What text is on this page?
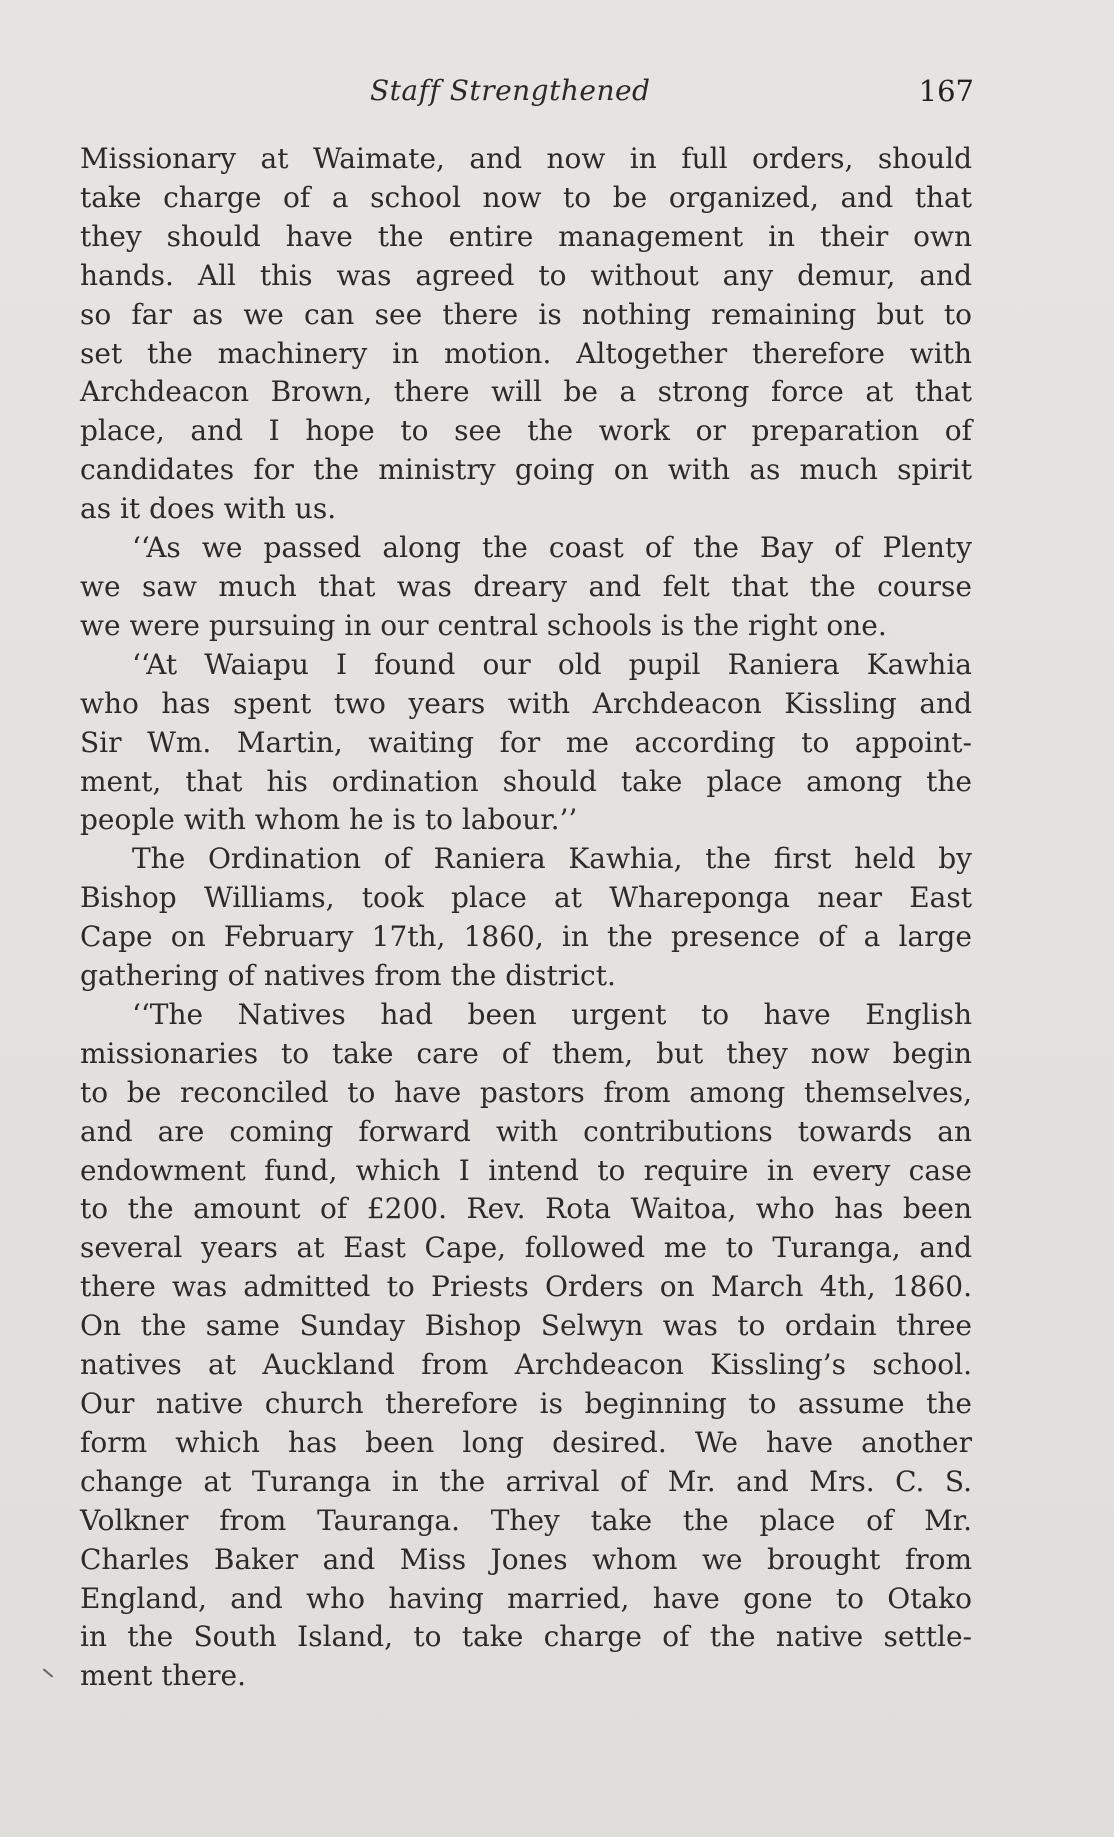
Staff Strengthened	167
Missionary at Waimate, and now in full orders, should
take charge of a school now to be organized, and that
they should have the entire management in their own
hands. All this was agreed to without any demur, and
so far as we can see there is nothing remaining but to
set the machinery in motion. Altogether therefore with
Archdeacon Brown, there will be a strong force at that
place, and I hope to see the work or preparation of
candidates for the ministry going on with as much spirit
as it does with us.
‘‘As we passed along the coast of the Bay of Plenty
we saw much that was dreary and felt that the course
we were pursuing in our central schools is the right one.
‘‘At Waiapu I found our old pupil Raniera Kawhia
who has spent two years with Archdeacon Kissling and
Sir Wm. Martin, waiting for me according to appoint-
ment, that his ordination should take place among the
people with whom he is to labour.’’
The Ordination of Raniera Kawhia, the first held by
Bishop Williams, took place at Whareponga near East
Cape on February 17th, 1860, in the presence of a large
gathering of natives from the district.
‘‘The Natives had been urgent to have English
missionaries to take care of them, but they now begin
to be reconciled to have pastors from among themselves,
and are coming forward with contributions towards an
endowment fund, which I intend to require in every case
to the amount of £200. Rev. Rota Waitoa, who has been
several years at East Cape, followed me to Turanga, and
there was admitted to Priests Orders on March 4th, 1860.
On the same Sunday Bishop Selwyn was to ordain three
natives at Auckland from Archdeacon Kissling’s school.
Our native church therefore is beginning to assume the
form which has been long desired. We have another
change at Turanga in the arrival of Mr. and Mrs. C. S.
Volkner from Tauranga. They take the place of Mr.
Charles Baker and Miss Jones whom we brought from
England, and who having married, have gone to Otako
in the South Island, to take charge of the native settle-
ment there.
